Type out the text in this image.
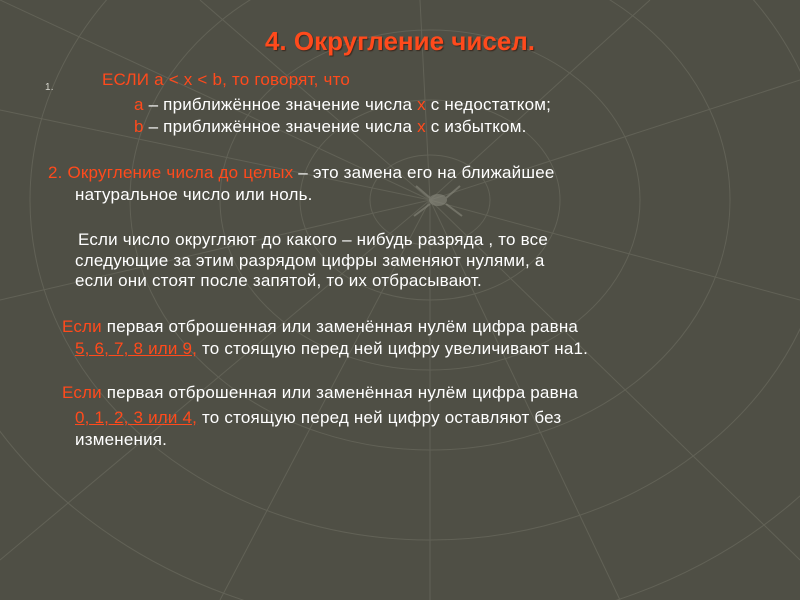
4. Округление чисел.
1.	ЕСЛИ a < x < b, то говорят, что
a – приближённое значение числа x с недостатком;
b – приближённое значение числа x с избытком.
2. Округление числа до целых – это замена его на ближайшее
натуральное число или ноль.
Если число округляют до какого – нибудь разряда , то все
следующие за этим разрядом цифры заменяют нулями, а
если они стоят после запятой, то их отбрасывают.
Если первая отброшенная или заменённая нулём цифра равна
5, 6, 7, 8 или 9, то стоящую перед ней цифру увеличивают на1.
Если первая отброшенная или заменённая нулём цифра равна
0, 1, 2, 3 или 4, то стоящую перед ней цифру оставляют без
изменения.
